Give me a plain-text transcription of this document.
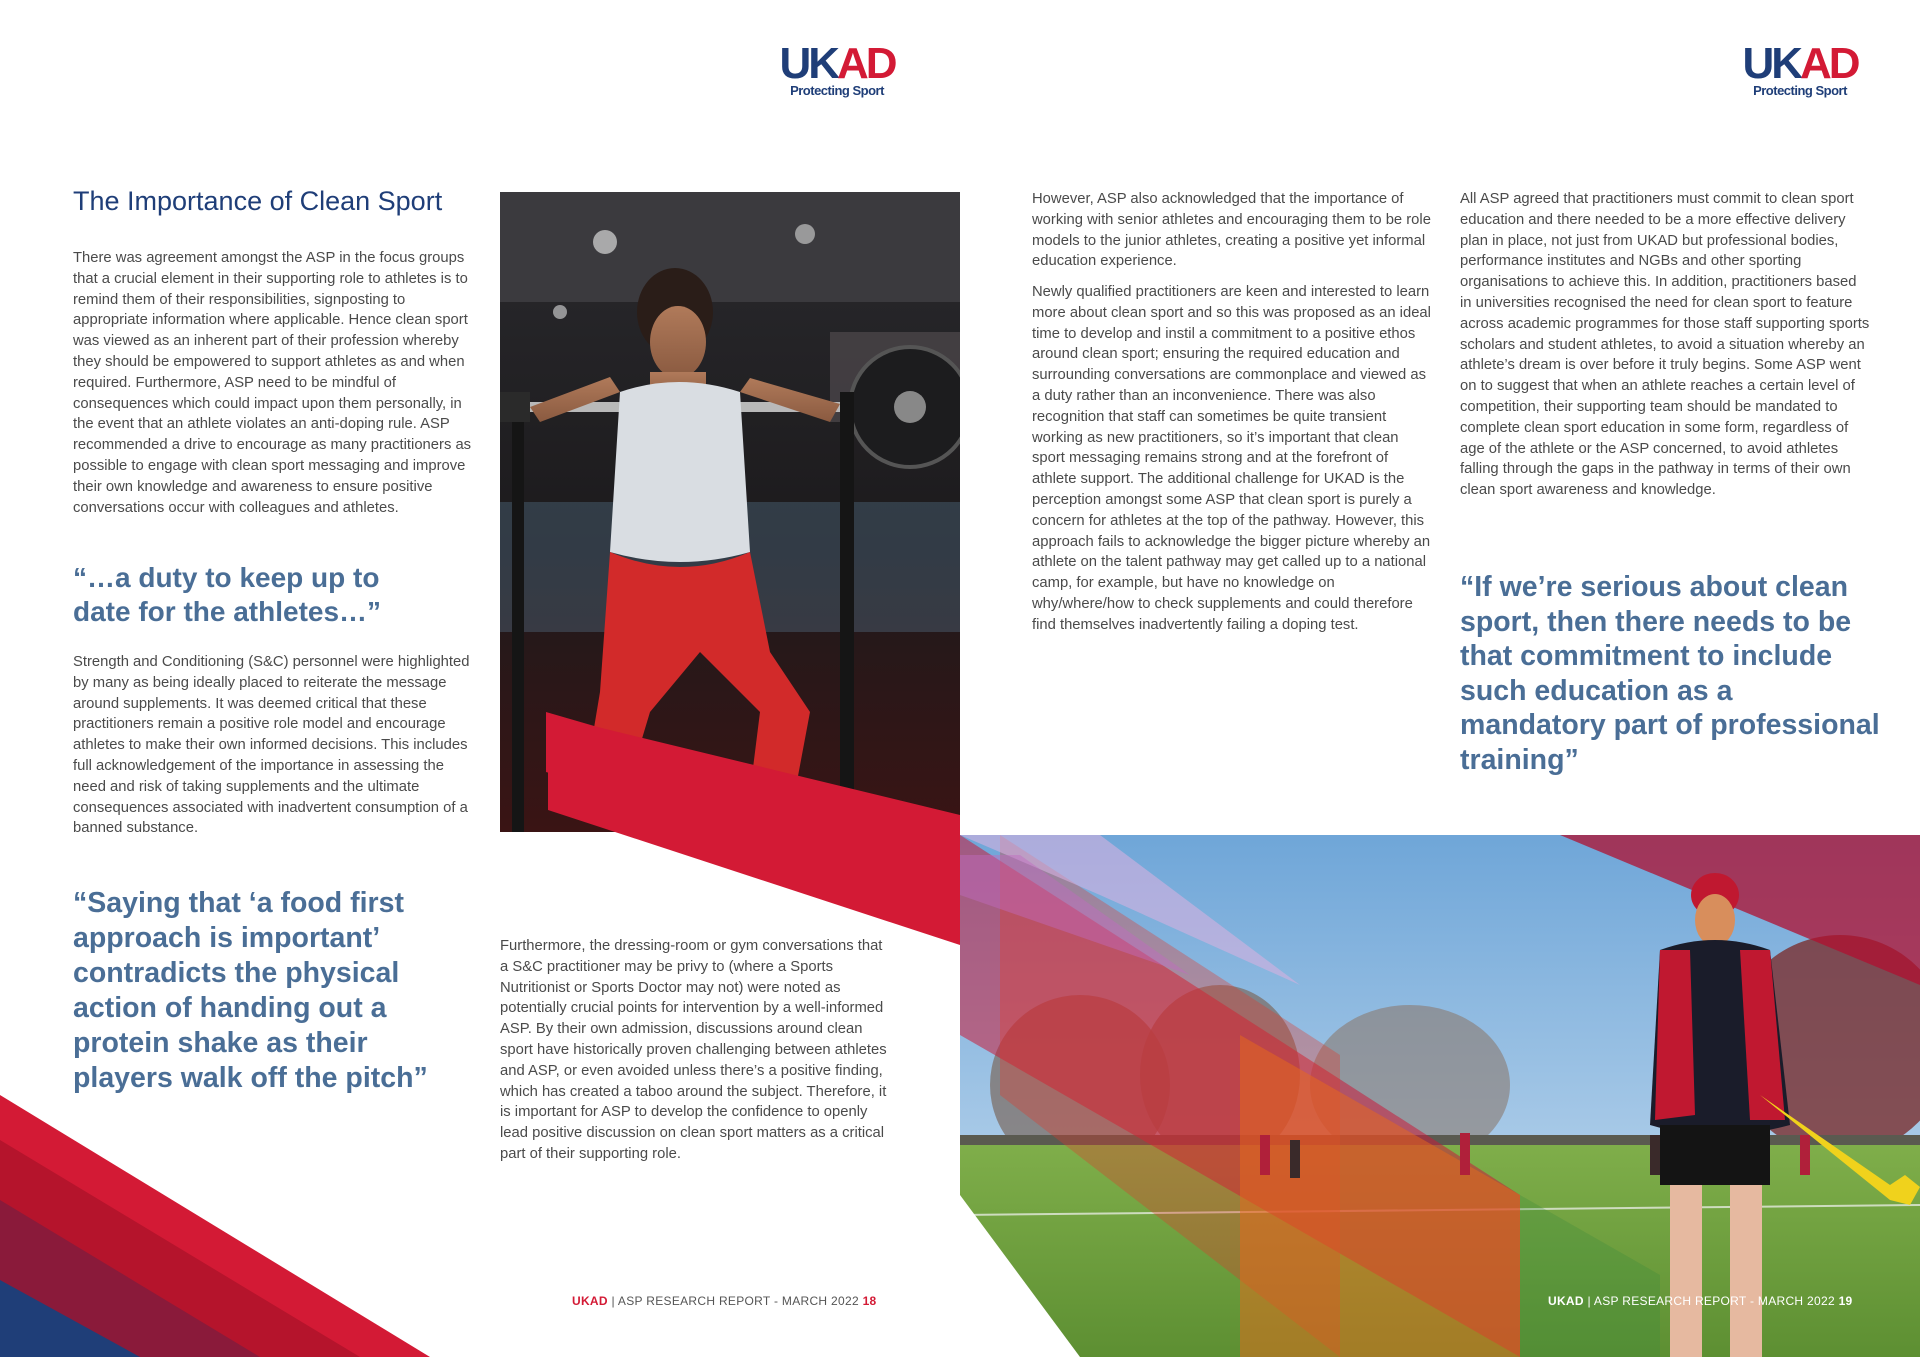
UKAD
Protecting Sport
UKAD
Protecting Sport
The Importance of Clean Sport

There was agreement amongst the ASP in the focus groups that a crucial element in their supporting role to athletes is to remind them of their responsibilities, signposting to appropriate information where applicable. Hence clean sport was viewed as an inherent part of their profession whereby they should be empowered to support athletes as and when required. Furthermore, ASP need to be mindful of consequences which could impact upon them personally, in the event that an athlete violates an anti-doping rule. ASP recommended a drive to encourage as many practitioners as possible to engage with clean sport messaging and improve their own knowledge and awareness to ensure positive conversations occur with colleagues and athletes.

“…a duty to keep up to date for the athletes…”

Strength and Conditioning (S&C) personnel were highlighted by many as being ideally placed to reiterate the message around supplements. It was deemed critical that these practitioners remain a positive role model and encourage athletes to make their own informed decisions. This includes full acknowledgement of the importance in assessing the need and risk of taking supplements and the ultimate consequences associated with inadvertent consumption of a banned substance.

“Saying that ‘a food first approach is important’ contradicts the physical action of handing out a protein shake as their players walk off the pitch”

Furthermore, the dressing-room or gym conversations that a S&C practitioner may be privy to (where a Sports Nutritionist or Sports Doctor may not) were noted as potentially crucial points for intervention by a well-informed ASP. By their own admission, discussions around clean sport have historically proven challenging between athletes and ASP, or even avoided unless there’s a positive finding, which has created a taboo around the subject. Therefore, it is important for ASP to develop the confidence to openly lead positive discussion on clean sport matters as a critical part of their supporting role.

UKAD | ASP RESEARCH REPORT - MARCH 2022 18

However, ASP also acknowledged that the importance of working with senior athletes and encouraging them to be role models to the junior athletes, creating a positive yet informal education experience.

Newly qualified practitioners are keen and interested to learn more about clean sport and so this was proposed as an ideal time to develop and instil a commitment to a positive ethos around clean sport; ensuring the required education and surrounding conversations are commonplace and viewed as a duty rather than an inconvenience. There was also recognition that staff can sometimes be quite transient working as new practitioners, so it’s important that clean sport messaging remains strong and at the forefront of athlete support. The additional challenge for UKAD is the perception amongst some ASP that clean sport is purely a concern for athletes at the top of the pathway. However, this approach fails to acknowledge the bigger picture whereby an athlete on the talent pathway may get called up to a national camp, for example, but have no knowledge on why/where/how to check supplements and could therefore find themselves inadvertently failing a doping test.

All ASP agreed that practitioners must commit to clean sport education and there needed to be a more effective delivery plan in place, not just from UKAD but professional bodies, performance institutes and NGBs and other sporting organisations to achieve this. In addition, practitioners based in universities recognised the need for clean sport to feature across academic programmes for those staff supporting sports scholars and student athletes, to avoid a situation whereby an athlete’s dream is over before it truly begins. Some ASP went on to suggest that when an athlete reaches a certain level of competition, their supporting team should be mandated to complete clean sport education in some form, regardless of age of the athlete or the ASP concerned, to avoid athletes falling through the gaps in the pathway in terms of their own clean sport awareness and knowledge.

“If we’re serious about clean sport, then there needs to be that commitment to include such education as a mandatory part of professional training”

UKAD | ASP RESEARCH REPORT - MARCH 2022 19
